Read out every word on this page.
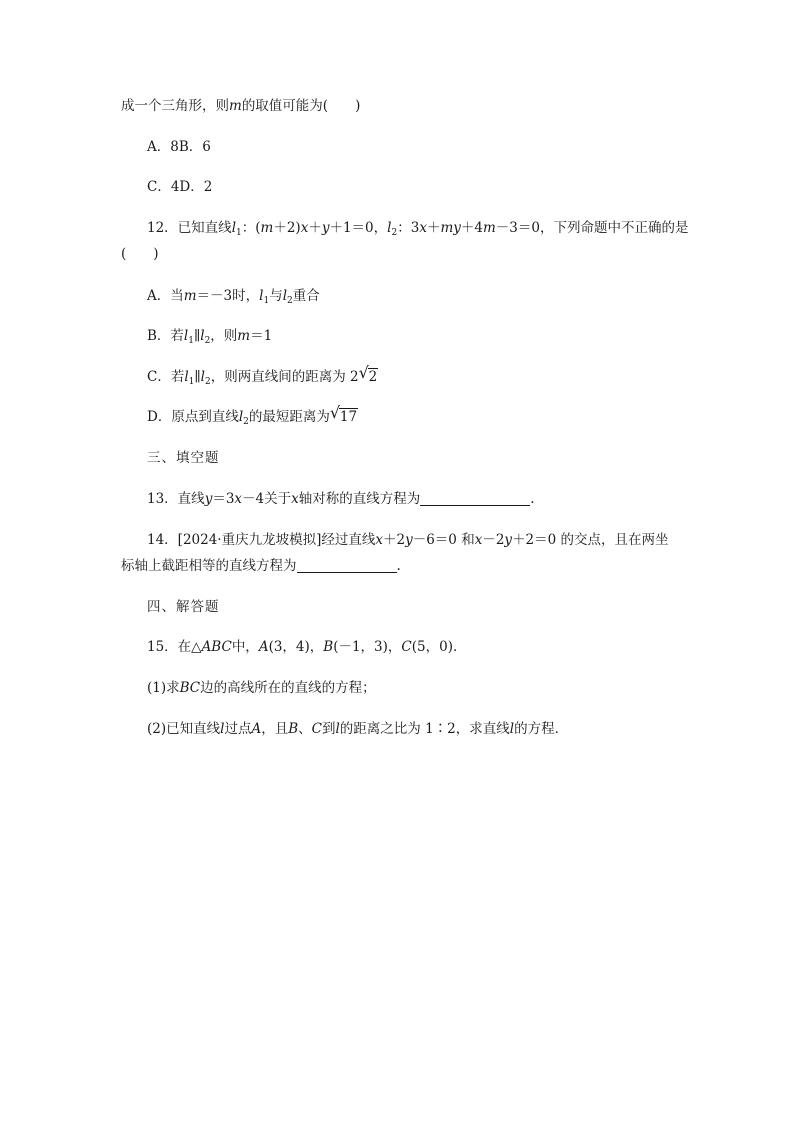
成一个三角形，则m的取值可能为(　　)
A．8B．6
C．4D．2
12．已知直线$l_1$：(m＋2)x＋y＋1＝0，$l_2$：3x＋my＋4m－3＝0，下列命题中不正确的是
(　　)
A．当m＝－3时，$l_1$与$l_2$重合
B．若$l_1\parallel l_2$，则m＝1
C．若$l_1\parallel l_2$，则两直线间的距离为 2 √ 2
D．原点到直线$l_2$的最短距离为 √ 17
三、填空题
13．直线y＝3x－4关于x轴对称的直线方程为	.
14．[2024·重庆九龙坡模拟]经过直线x＋2y－6＝0 和x－2y＋2＝0 的交点，且在两坐
标轴上截距相等的直线方程为	.
四、解答题
15．在△ABC中，A(3，4)，B(－1，3)，C(5，0)．
(1)求BC边的高线所在的直线的方程；
(2)已知直线l过点A，且B、C到l的距离之比为 1∶2，求直线l的方程．
